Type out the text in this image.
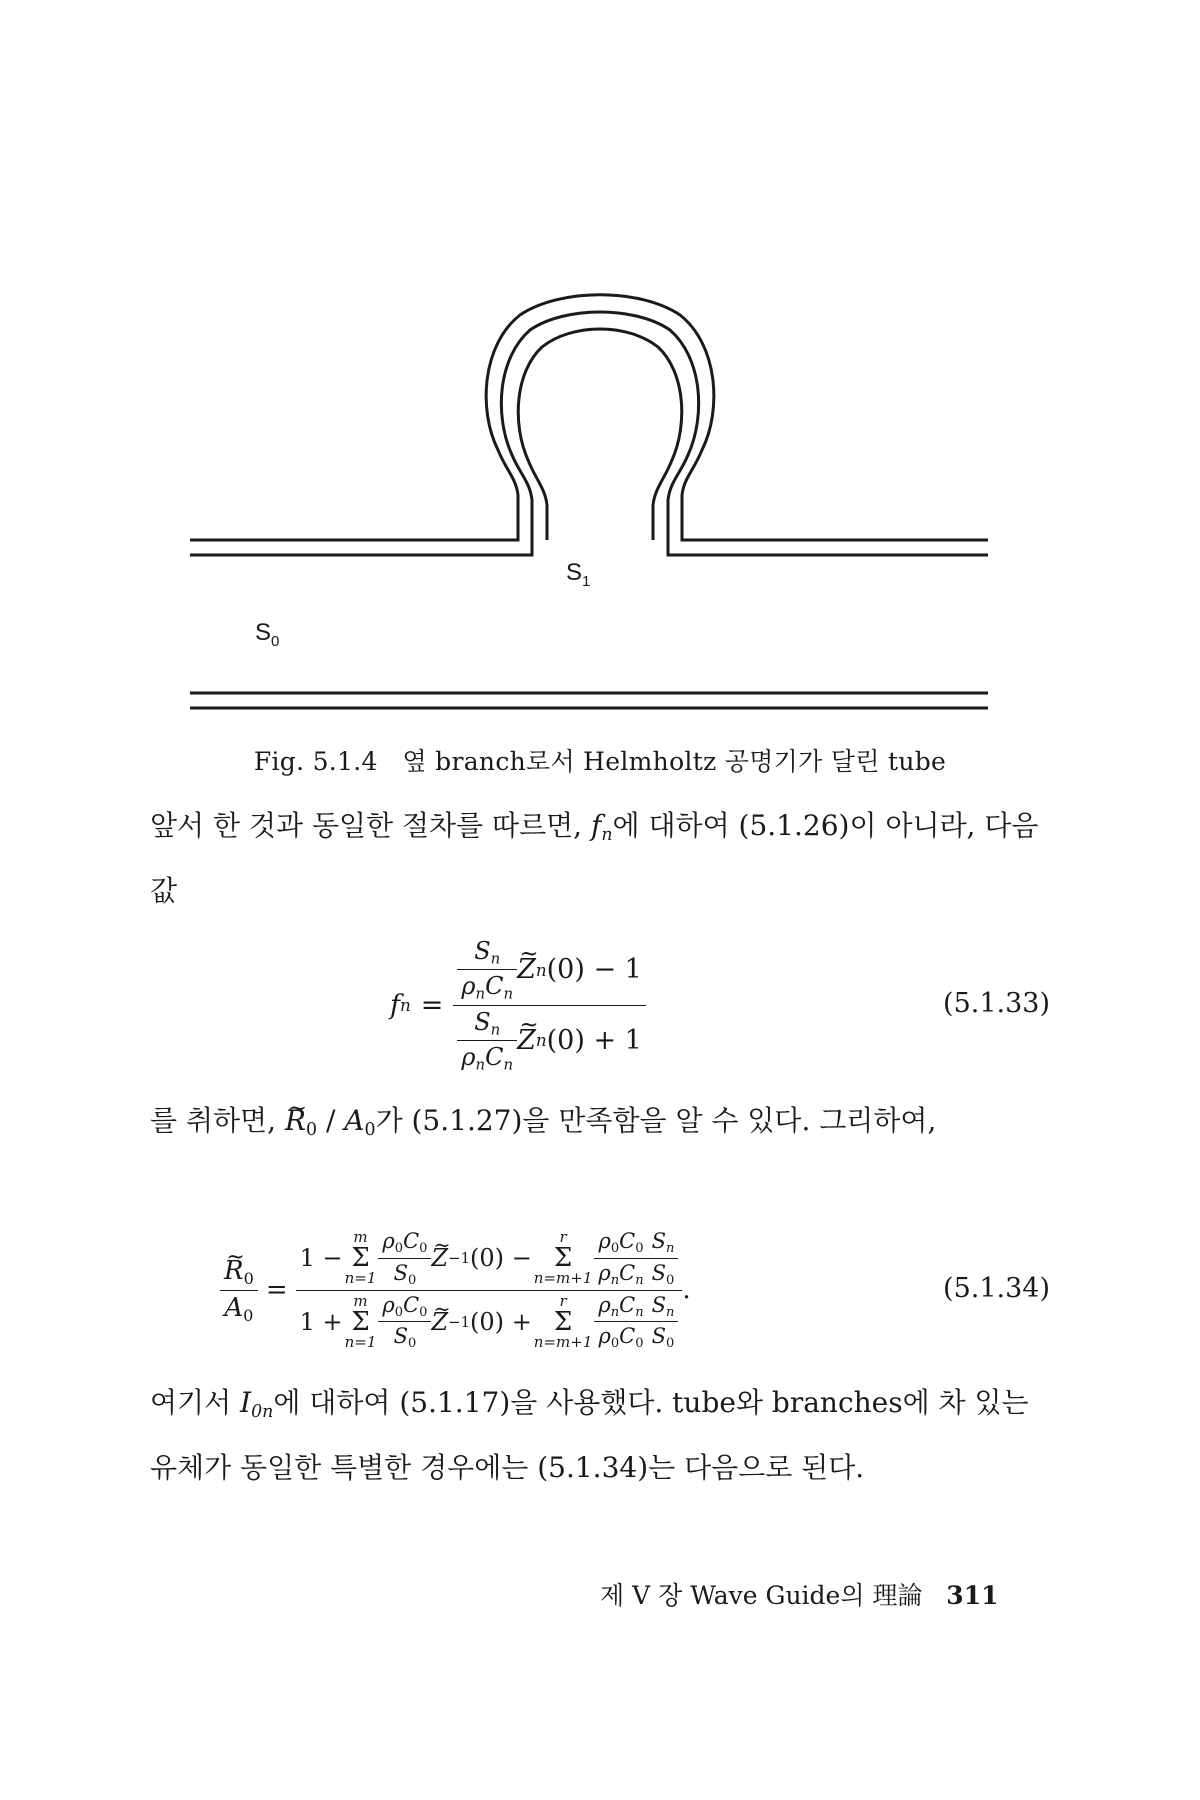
$S_1$
$S_0$
Fig. 5.1.4 옆 branch로서 Helmholtz 공명기가 달린 tube

앞서 한 것과 동일한 절차를 따르면, $f_n$에 대하여 (5.1.26)이 아니라, 다음 값

f $n = \frac{S_n}{\rho_nC_n}$ ~ Z n (0)
− 1
$\frac{S_n}{\rho_nC_n}$ ~ Z n (0)
+ 1	(5.1.33)

를 취하면, ~ $R_0 / A_0$가 (5.1.27)을 만족함을 알 수 있다. 그리하여,

~ $\frac{R_0}{A_0}$ =
1 −
m
Σ
$n=1 \frac{\rho_0C_0}{S_0}$ ~ Z −1 (0)
−
r
Σ
$n=m+1 \frac{\rho_0C_0}{\rho_nC_n} \frac{S_n}{S_0}$
1 +
m
Σ
$n=1 \frac{\rho_0C_0}{S_0}$ ~ Z −1 (0)
+
r
Σ
$n=m+1 \frac{\rho_nC_n}{\rho_0C_0} \frac{S_n}{S_0}$
.	(5.1.34)

여기서 $I_{0n}$에 대하여 (5.1.17)을 사용했다. tube와 branches에 차 있는 유체가 동일한 특별한 경우에는 (5.1.34)는 다음으로 된다.

제 Ⅴ 장 Wave Guide의 理論 311
